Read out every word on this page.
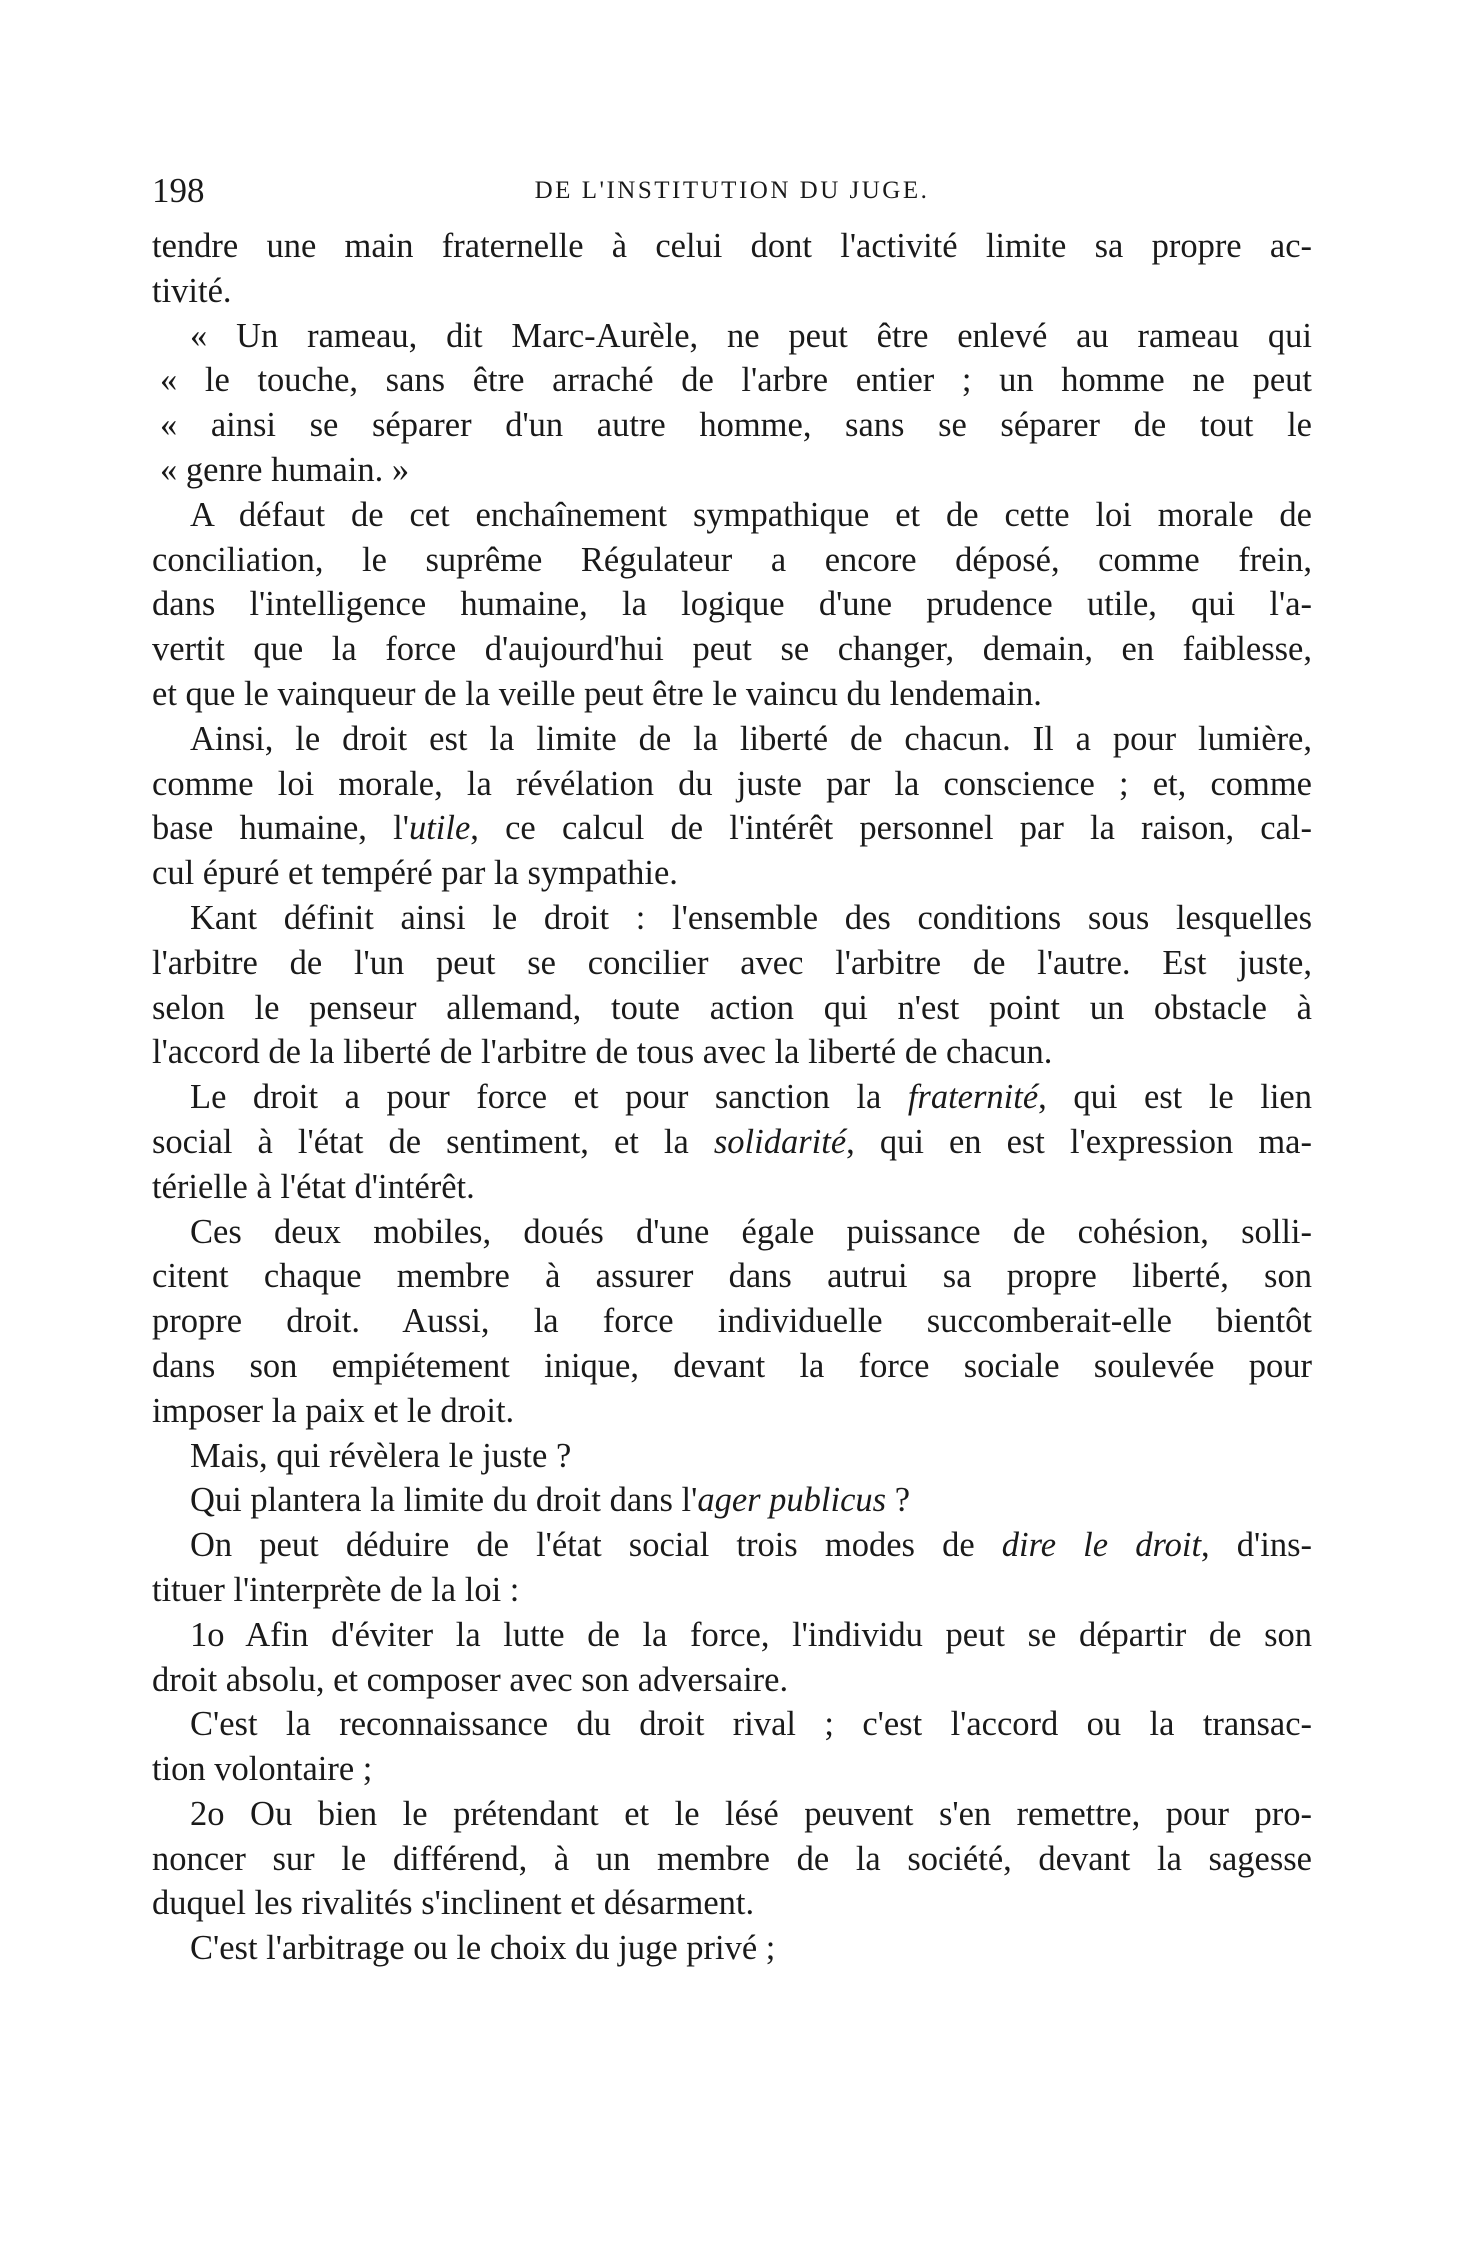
198	DE L'INSTITUTION DU JUGE.
tendre une main fraternelle à celui dont l'activité limite sa propre ac-
tivité.
« Un rameau, dit Marc-Aurèle, ne peut être enlevé au rameau qui
« le touche, sans être arraché de l'arbre entier ; un homme ne peut
« ainsi se séparer d'un autre homme, sans se séparer de tout le
« genre humain. »
A défaut de cet enchaînement sympathique et de cette loi morale de
conciliation, le suprême Régulateur a encore déposé, comme frein,
dans l'intelligence humaine, la logique d'une prudence utile, qui l'a-
vertit que la force d'aujourd'hui peut se changer, demain, en faiblesse,
et que le vainqueur de la veille peut être le vaincu du lendemain.
Ainsi, le droit est la limite de la liberté de chacun. Il a pour lumière,
comme loi morale, la révélation du juste par la conscience ; et, comme
base humaine, l'utile, ce calcul de l'intérêt personnel par la raison, cal-
cul épuré et tempéré par la sympathie.
Kant définit ainsi le droit : l'ensemble des conditions sous lesquelles
l'arbitre de l'un peut se concilier avec l'arbitre de l'autre. Est juste,
selon le penseur allemand, toute action qui n'est point un obstacle à
l'accord de la liberté de l'arbitre de tous avec la liberté de chacun.
Le droit a pour force et pour sanction la fraternité, qui est le lien
social à l'état de sentiment, et la solidarité, qui en est l'expression ma-
térielle à l'état d'intérêt.
Ces deux mobiles, doués d'une égale puissance de cohésion, solli-
citent chaque membre à assurer dans autrui sa propre liberté, son
propre droit. Aussi, la force individuelle succomberait-elle bientôt
dans son empiétement inique, devant la force sociale soulevée pour
imposer la paix et le droit.
Mais, qui révèlera le juste ?
Qui plantera la limite du droit dans l'ager publicus ?
On peut déduire de l'état social trois modes de dire le droit, d'ins-
tituer l'interprète de la loi :
1o Afin d'éviter la lutte de la force, l'individu peut se départir de son
droit absolu, et composer avec son adversaire.
C'est la reconnaissance du droit rival ; c'est l'accord ou la transac-
tion volontaire ;
2o Ou bien le prétendant et le lésé peuvent s'en remettre, pour pro-
noncer sur le différend, à un membre de la société, devant la sagesse
duquel les rivalités s'inclinent et désarment.
C'est l'arbitrage ou le choix du juge privé ;
